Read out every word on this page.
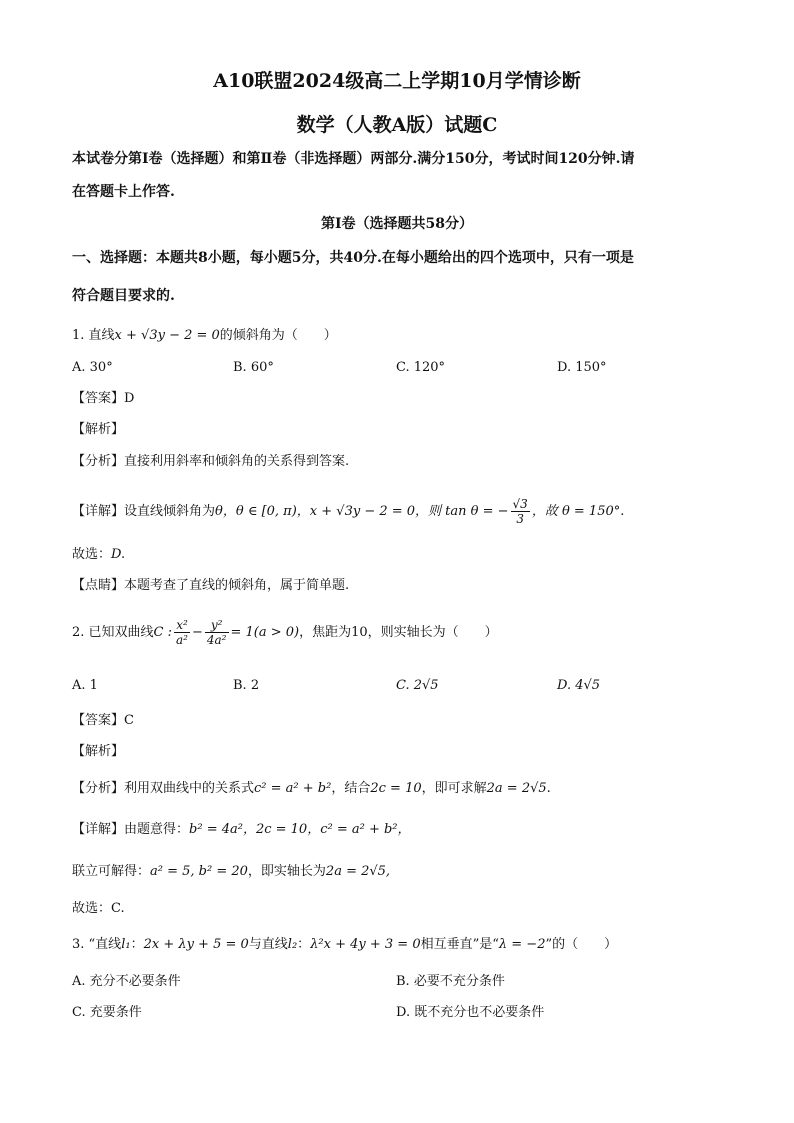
A10联盟2024级高二上学期10月学情诊断
数学（人教A版）试题C
本试卷分第Ⅰ卷（选择题）和第Ⅱ卷（非选择题）两部分.满分150分，考试时间120分钟.请
在答题卡上作答.
第Ⅰ卷（选择题共58分）
一、选择题：本题共8小题，每小题5分，共40分.在每小题给出的四个选项中，只有一项是
符合题目要求的.
1. 直线x + √3y − 2 = 0的倾斜角为（　　）
A. 30°	B. 60°	C. 120°	D. 150°
【答案】D
【解析】
【分析】直接利用斜率和倾斜角的关系得到答案.
【详解】设直线倾斜角为θ，θ ∈ [0, π)，x + √3y − 2 = 0，则 tan θ = − $\frac{√3}{3}$ ，故 θ = 150°.
故选：D.
【点睛】本题考查了直线的倾斜角，属于简单题.
2. 已知双曲线C : $\frac{\text{x²}}{\text{a²}} - \frac{\text{y²}}{\text{4a²}} = 1(a > 0)$，焦距为10，则实轴长为（　　）
A. 1	B. 2	C. 2√5	D. 4√5
【答案】C
【解析】
【分析】利用双曲线中的关系式c² = a² + b²，结合2c = 10，即可求解2a = 2√5.
【详解】由题意得：b² = 4a²，2c = 10，c² = a² + b²，
联立可解得：a² = 5, b² = 20，即实轴长为2a = 2√5,
故选：C.
3. “直线l₁：2x + λy + 5 = 0与直线l₂：λ²x + 4y + 3 = 0相互垂直”是“λ = −2”的（　　）
A. 充分不必要条件	B. 必要不充分条件
C. 充要条件	D. 既不充分也不必要条件
